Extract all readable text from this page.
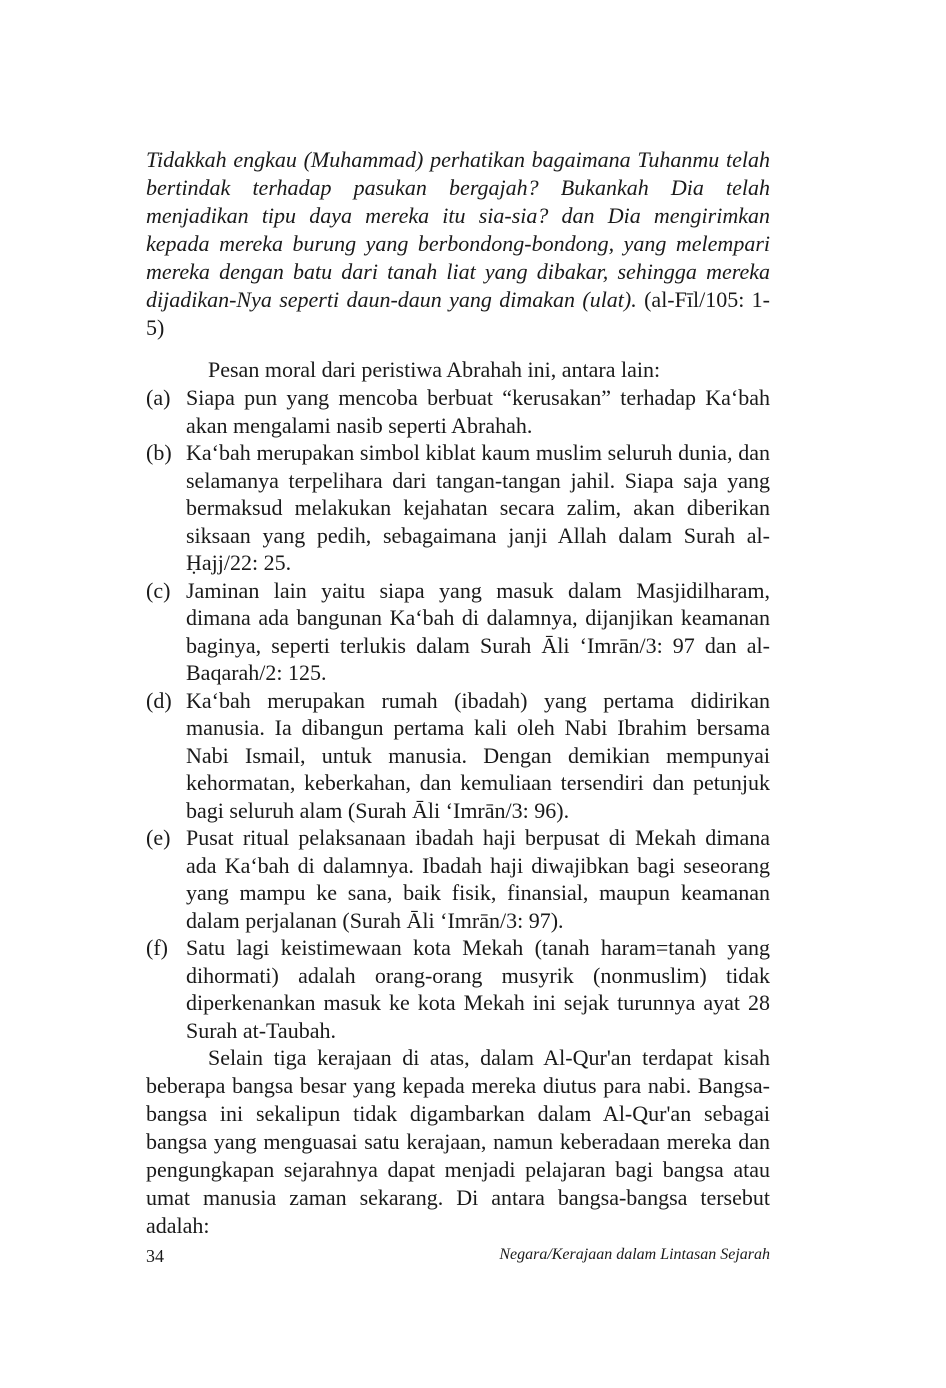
Tidakkah engkau (Muhammad) perhatikan bagaimana Tuhanmu telah bertindak terhadap pasukan bergajah? Bukankah Dia telah menjadikan tipu daya mereka itu sia-sia? dan Dia mengirimkan kepada mereka burung yang berbondong-bondong, yang melempari mereka dengan batu dari tanah liat yang dibakar, sehingga mereka dijadikan-Nya seperti daun-daun yang dimakan (ulat). (al-Fīl/105: 1-5)

Pesan moral dari peristiwa Abrahah ini, antara lain:

(a) Siapa pun yang mencoba berbuat “kerusakan” terhadap Ka‘bah akan mengalami nasib seperti Abrahah.
(b) Ka‘bah merupakan simbol kiblat kaum muslim seluruh dunia, dan selamanya terpelihara dari tangan-tangan jahil. Siapa saja yang bermaksud melakukan kejahatan secara zalim, akan diberikan siksaan yang pedih, sebagaimana janji Allah dalam Surah al-Ḥajj/22: 25.
(c) Jaminan lain yaitu siapa yang masuk dalam Masjidilharam, dimana ada bangunan Ka‘bah di dalamnya, dijanjikan keamanan baginya, seperti terlukis dalam Surah Āli ‘Imrān/3: 97 dan al-Baqarah/2: 125.
(d) Ka‘bah merupakan rumah (ibadah) yang pertama didirikan manusia. Ia dibangun pertama kali oleh Nabi Ibrahim bersama Nabi Ismail, untuk manusia. Dengan demikian mempunyai kehormatan, keberkahan, dan kemuliaan tersendiri dan petunjuk bagi seluruh alam (Surah Āli ‘Imrān/3: 96).
(e) Pusat ritual pelaksanaan ibadah haji berpusat di Mekah dimana ada Ka‘bah di dalamnya. Ibadah haji diwajibkan bagi seseorang yang mampu ke sana, baik fisik, finansial, maupun keamanan dalam perjalanan (Surah Āli ‘Imrān/3: 97).
(f) Satu lagi keistimewaan kota Mekah (tanah haram=tanah yang dihormati) adalah orang-orang musyrik (nonmuslim) tidak diperkenankan masuk ke kota Mekah ini sejak turunnya ayat 28 Surah at-Taubah.

Selain tiga kerajaan di atas, dalam Al-Qur'an terdapat kisah beberapa bangsa besar yang kepada mereka diutus para nabi. Bangsa-bangsa ini sekalipun tidak digambarkan dalam Al-Qur'an sebagai bangsa yang menguasai satu kerajaan, namun keberadaan mereka dan pengungkapan sejarahnya dapat menjadi pelajaran bagi bangsa atau umat manusia zaman sekarang. Di antara bangsa-bangsa tersebut adalah:

34	Negara/Kerajaan dalam Lintasan Sejarah
